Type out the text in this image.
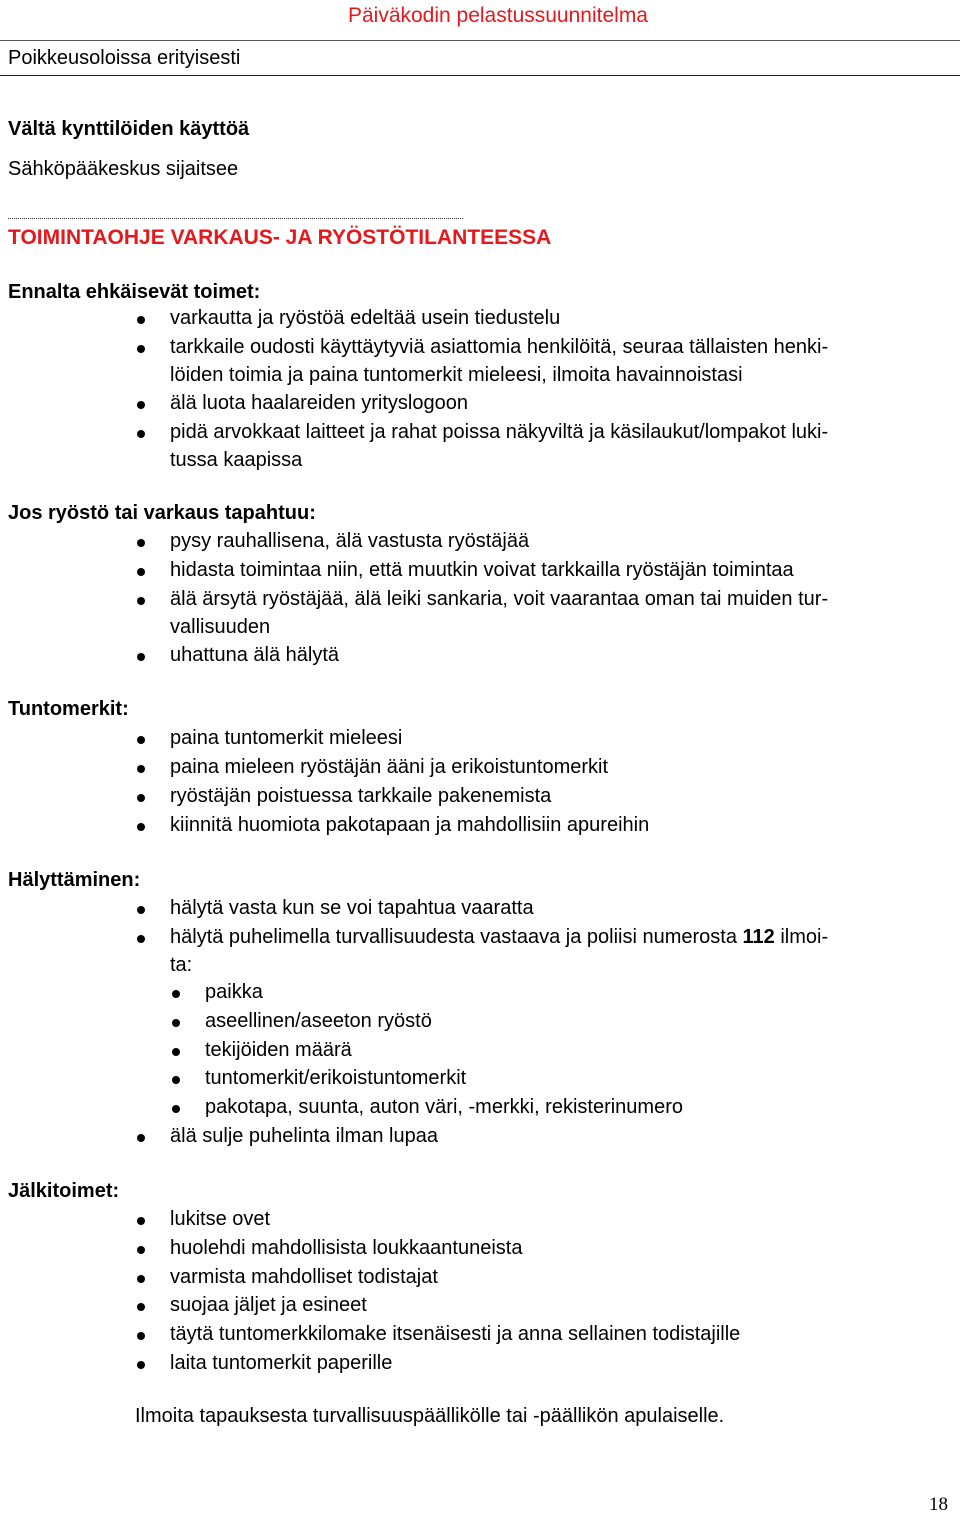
Päiväkodin pelastussuunnitelma
Poikkeusoloissa erityisesti
Vältä kynttilöiden käyttöä
Sähköpääkeskus sijaitsee
TOIMINTAOHJE VARKAUS- JA RYÖSTÖTILANTEESSA
Ennalta ehkäisevät toimet:
varkautta ja ryöstöä edeltää usein tiedustelu
tarkkaile oudosti käyttäytyviä asiattomia henkilöitä, seuraa tällaisten henki-
löiden toimia ja paina tuntomerkit mieleesi, ilmoita havainnoistasi
älä luota haalareiden yrityslogoon
pidä arvokkaat laitteet ja rahat poissa näkyviltä ja käsilaukut/lompakot luki-
tussa kaapissa
Jos ryöstö tai varkaus tapahtuu:
pysy rauhallisena, älä vastusta ryöstäjää
hidasta toimintaa niin, että muutkin voivat tarkkailla ryöstäjän toimintaa
älä ärsytä ryöstäjää, älä leiki sankaria, voit vaarantaa oman tai muiden tur-
vallisuuden
uhattuna älä hälytä
Tuntomerkit:
paina tuntomerkit mieleesi
paina mieleen ryöstäjän ääni ja erikoistuntomerkit
ryöstäjän poistuessa tarkkaile pakenemista
kiinnitä huomiota pakotapaan ja mahdollisiin apureihin
Hälyttäminen:
hälytä vasta kun se voi tapahtua vaaratta
hälytä puhelimella turvallisuudesta vastaava ja poliisi numerosta 112 ilmoi-
ta:
paikka
aseellinen/aseeton ryöstö
tekijöiden määrä
tuntomerkit/erikoistuntomerkit
pakotapa, suunta, auton väri, -merkki, rekisterinumero
älä sulje puhelinta ilman lupaa
Jälkitoimet:
lukitse ovet
huolehdi mahdollisista loukkaantuneista
varmista mahdolliset todistajat
suojaa jäljet ja esineet
täytä tuntomerkkilomake itsenäisesti ja anna sellainen todistajille
laita tuntomerkit paperille
Ilmoita tapauksesta turvallisuuspäällikölle tai -päällikön apulaiselle.
18
